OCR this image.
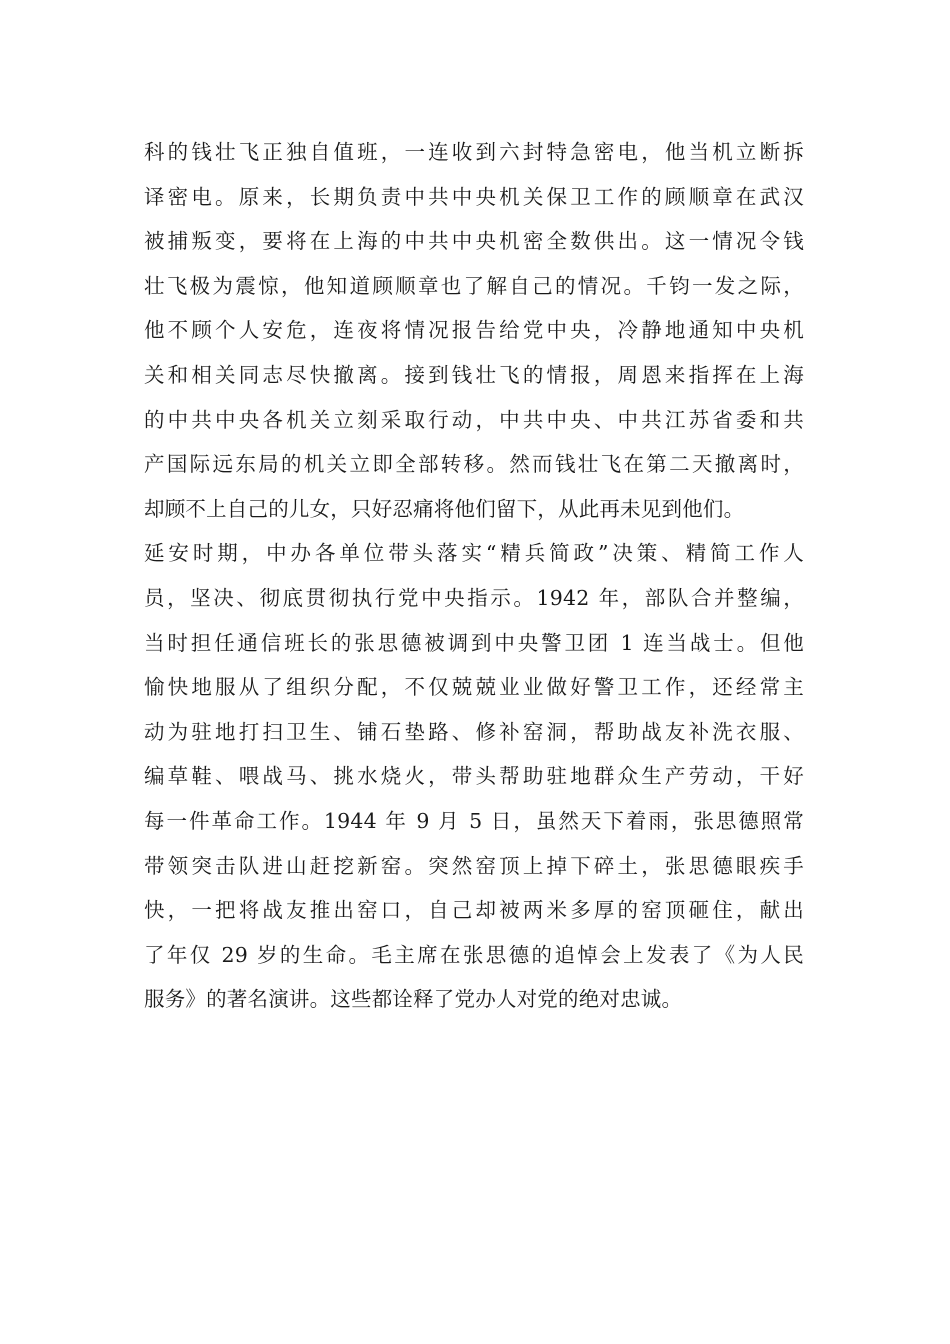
科的钱壮飞正独自值班，一连收到六封特急密电，他当机立断拆
译密电。原来，长期负责中共中央机关保卫工作的顾顺章在武汉
被捕叛变，要将在上海的中共中央机密全数供出。这一情况令钱
壮飞极为震惊，他知道顾顺章也了解自己的情况。千钧一发之际，
他不顾个人安危，连夜将情况报告给党中央，冷静地通知中央机
关和相关同志尽快撤离。接到钱壮飞的情报，周恩来指挥在上海
的中共中央各机关立刻采取行动，中共中央、中共江苏省委和共
产国际远东局的机关立即全部转移。然而钱壮飞在第二天撤离时，
却顾不上自己的儿女，只好忍痛将他们留下，从此再未见到他们。
延安时期，中办各单位带头落实“精兵简政”决策、精简工作人
员，坚决、彻底贯彻执行党中央指示。1942 年，部队合并整编，
当时担任通信班长的张思德被调到中央警卫团 1 连当战士。但他
愉快地服从了组织分配，不仅兢兢业业做好警卫工作，还经常主
动为驻地打扫卫生、铺石垫路、修补窑洞，帮助战友补洗衣服、
编草鞋、喂战马、挑水烧火，带头帮助驻地群众生产劳动，干好
每一件革命工作。1944 年 9 月 5 日，虽然天下着雨，张思德照常
带领突击队进山赶挖新窑。突然窑顶上掉下碎土，张思德眼疾手
快，一把将战友推出窑口，自己却被两米多厚的窑顶砸住，献出
了年仅 29 岁的生命。毛主席在张思德的追悼会上发表了《为人民
服务》的著名演讲。这些都诠释了党办人对党的绝对忠诚。
